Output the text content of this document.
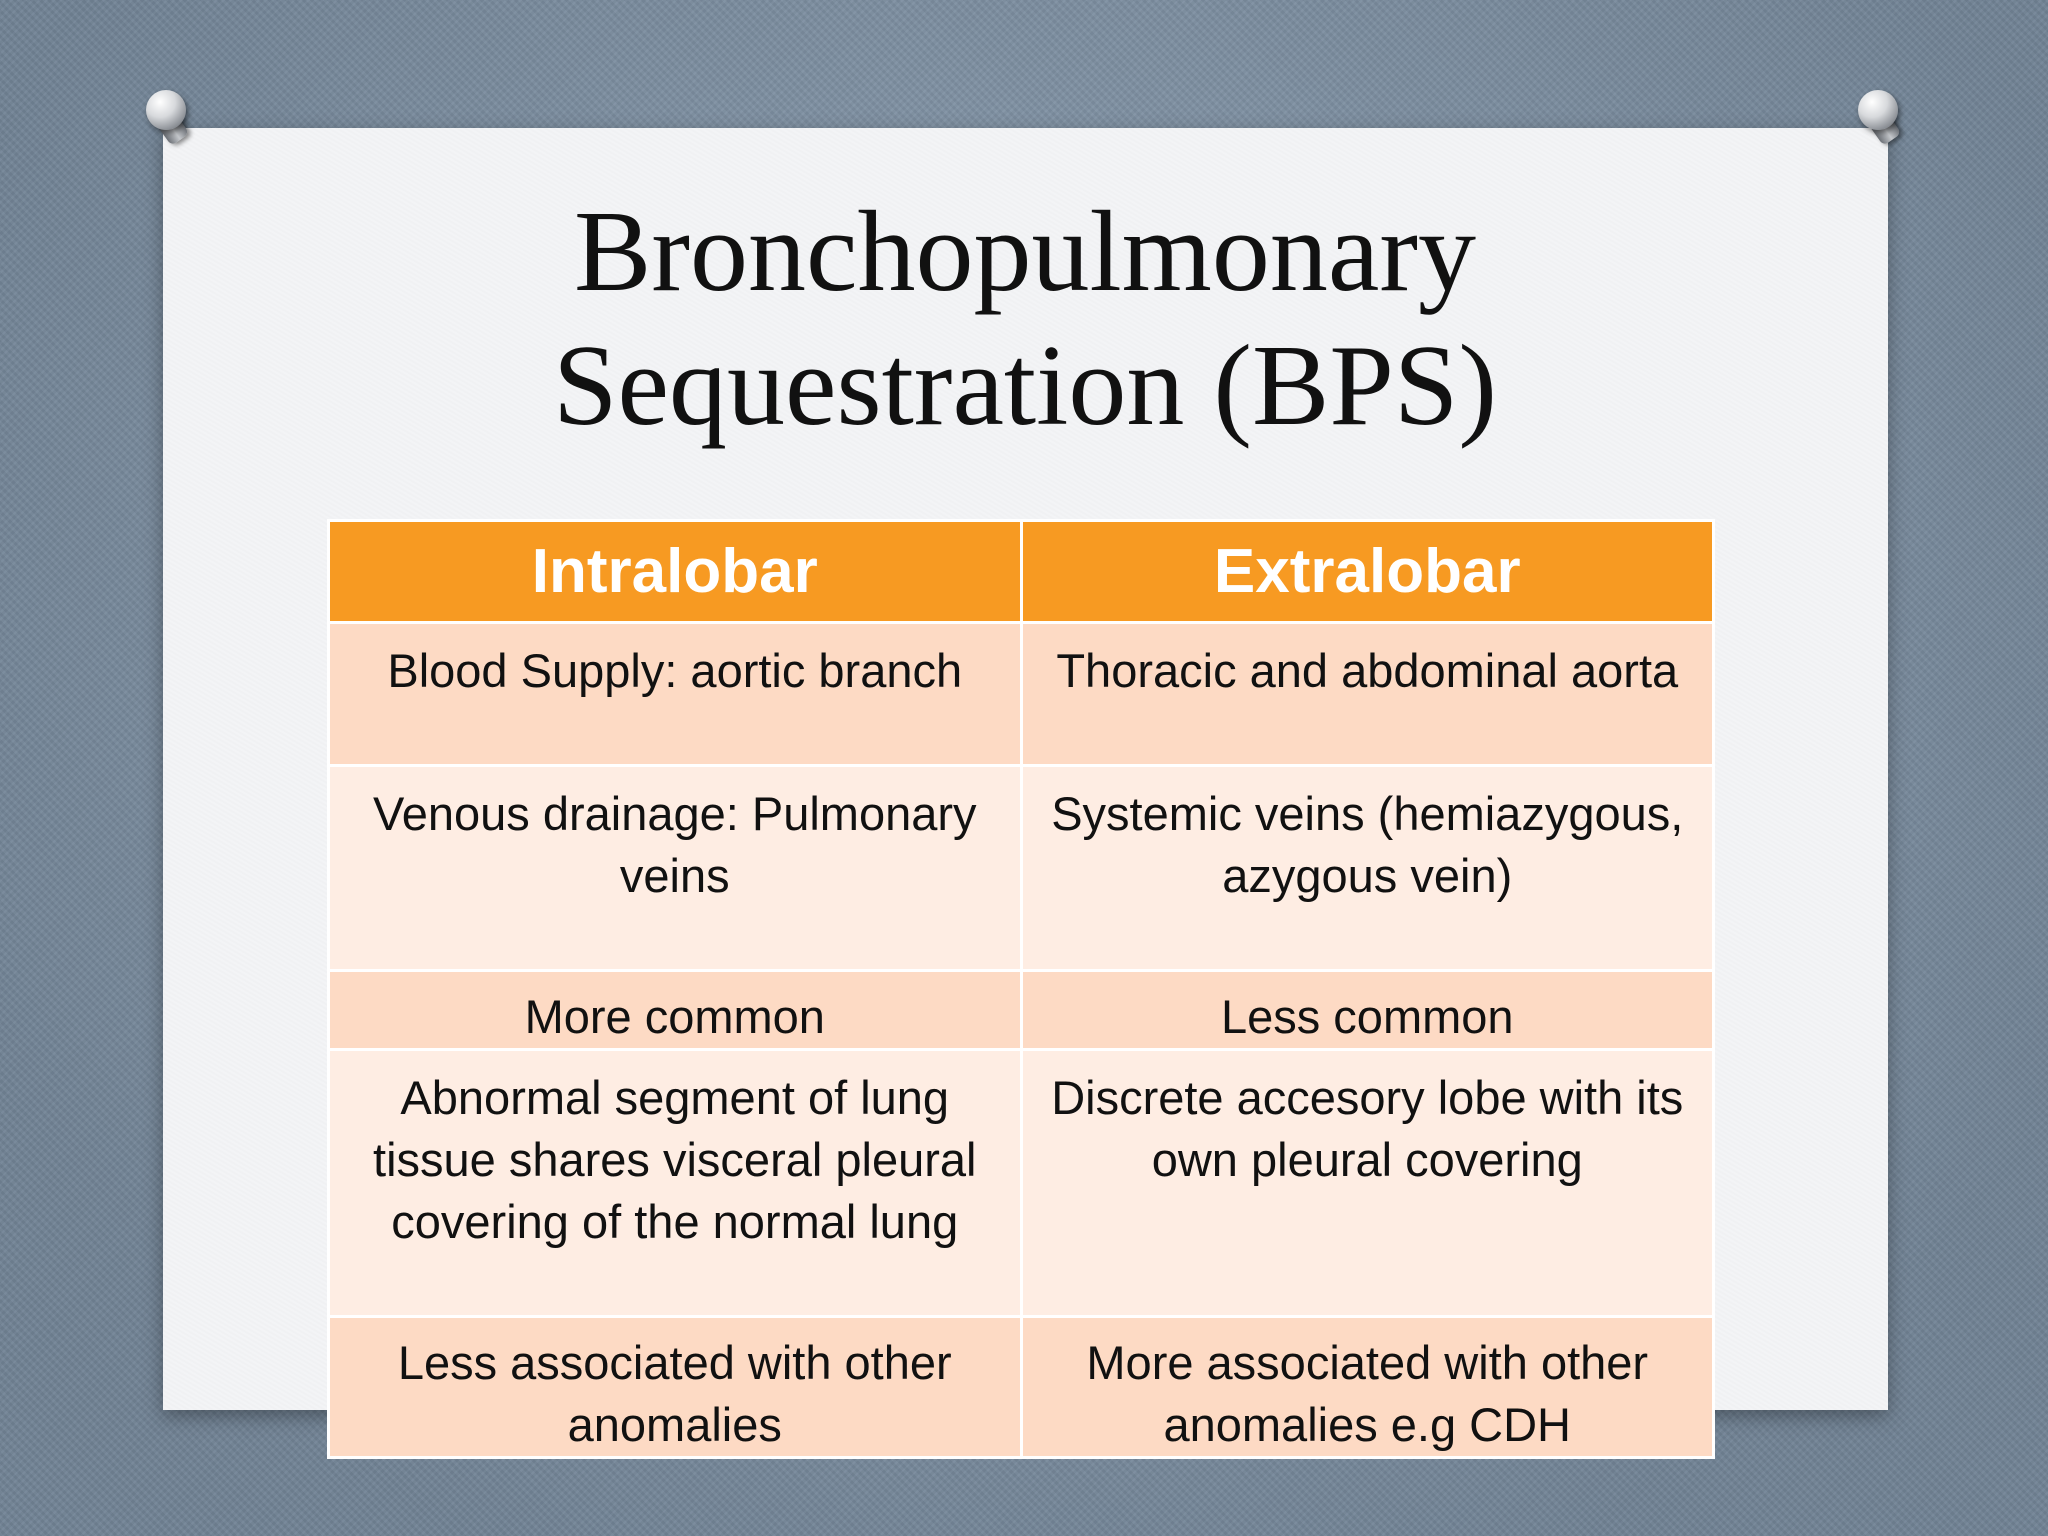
Bronchopulmonary
Sequestration (BPS)
Intralobar	Extralobar
Blood Supply: aortic branch	Thoracic and abdominal aorta
Venous drainage: Pulmonary veins	Systemic veins (hemiazygous, azygous vein)
More common	Less common
Abnormal segment of lung tissue shares visceral pleural covering of the normal lung	Discrete accesory lobe with its own pleural covering
Less associated with other anomalies	More associated with other anomalies e.g CDH
